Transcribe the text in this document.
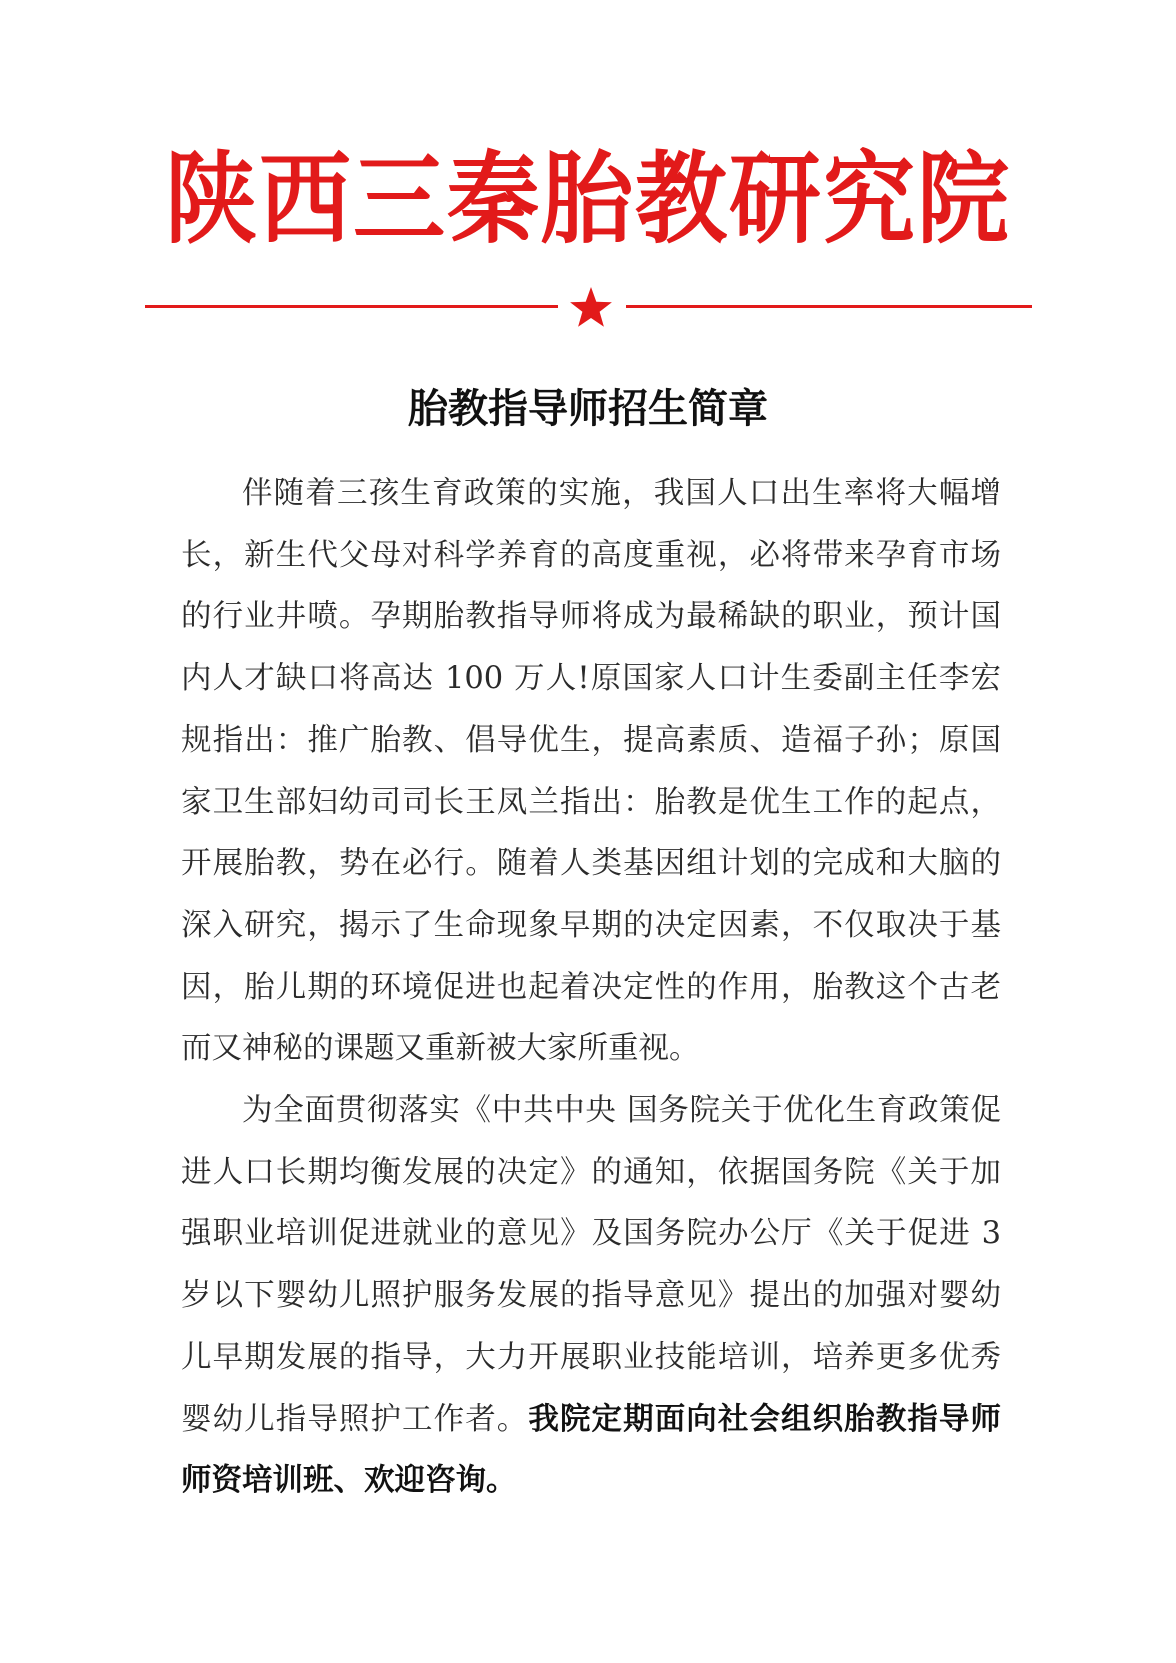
陕西三秦胎教研究院
胎教指导师招生简章

伴随着三孩生育政策的实施，我国人口出生率将大幅增长，新生代父母对科学养育的高度重视，必将带来孕育市场的行业井喷。孕期胎教指导师将成为最稀缺的职业，预计国内人才缺口将高达 100 万人!原国家人口计生委副主任李宏规指出：推广胎教、倡导优生，提高素质、造福子孙；原国家卫生部妇幼司司长王凤兰指出：胎教是优生工作的起点，开展胎教，势在必行。随着人类基因组计划的完成和大脑的深入研究，揭示了生命现象早期的决定因素，不仅取决于基因，胎儿期的环境促进也起着决定性的作用，胎教这个古老而又神秘的课题又重新被大家所重视。

为全面贯彻落实《中共中央 国务院关于优化生育政策促进人口长期均衡发展的决定》的通知，依据国务院《关于加强职业培训促进就业的意见》及国务院办公厅《关于促进 3 岁以下婴幼儿照护服务发展的指导意见》提出的加强对婴幼儿早期发展的指导，大力开展职业技能培训，培养更多优秀婴幼儿指导照护工作者。我院定期面向社会组织胎教指导师师资培训班、欢迎咨询。
